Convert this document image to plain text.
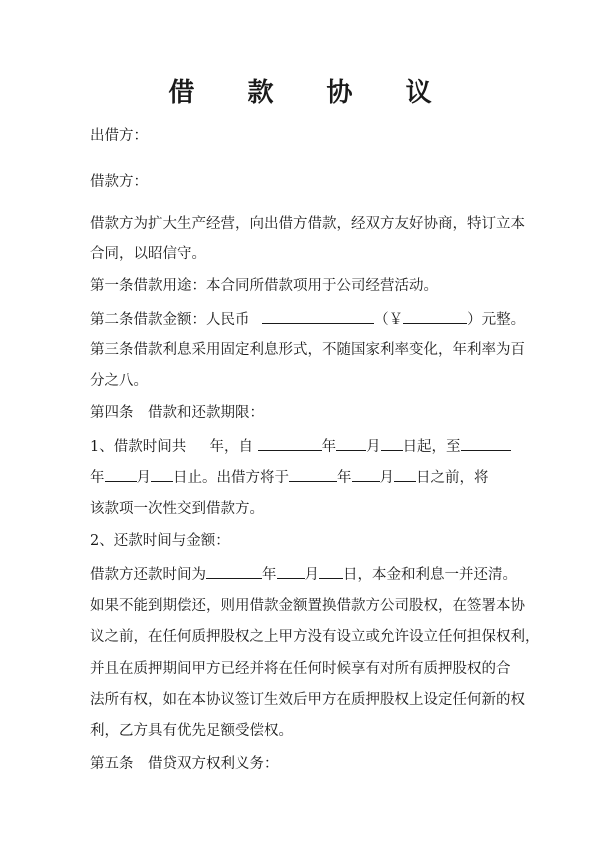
借 款 协 议
出借方：
借款方：
借款方为扩大生产经营，向出借方借款，经双方友好协商，特订立本
合同，以昭信守。
第一条借款用途：本合同所借款项用于公司经营活动。
第二条借款金额：人民币	（￥	）元整。
第三条借款利息采用固定利息形式，不随国家利率变化，年利率为百
分之八。
第四条　借款和还款期限：
1、借款时间共 年，自	年 月 日起，至
年 月 日止。出借方将于	年 月 日之前，将
该款项一次性交到借款方。
2、还款时间与金额：
借款方还款时间为	年 月 日，本金和利息一并还清。
如果不能到期偿还，则用借款金额置换借款方公司股权，在签署本协
议之前，在任何质押股权之上甲方没有设立或允许设立任何担保权利，
并且在质押期间甲方已经并将在任何时候享有对所有质押股权的合
法所有权，如在本协议签订生效后甲方在质押股权上设定任何新的权
利，乙方具有优先足额受偿权。
第五条　借贷双方权利义务：
